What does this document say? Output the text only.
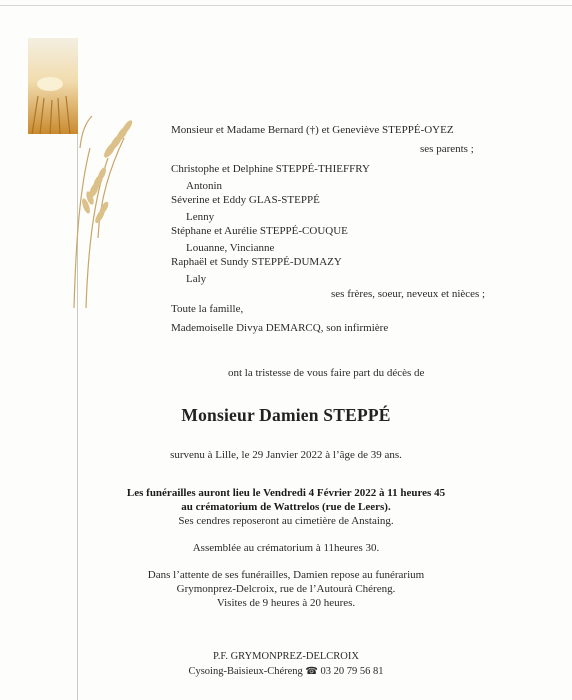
Monsieur et Madame Bernard (†) et Geneviève STEPPÉ-OYEZ
ses parents ;
Christophe et Delphine STEPPÉ-THIEFFRY
Antonin
Séverine et Eddy GLAS-STEPPÉ
Lenny
Stéphane et Aurélie STEPPÉ-COUQUE
Louanne, Vincianne
Raphaël et Sundy STEPPÉ-DUMAZY
Laly
ses frères, soeur, neveux et nièces ;
Toute la famille,
Mademoiselle Divya DEMARCQ, son infirmière
ont la tristesse de vous faire part du décès de
Monsieur Damien STEPPÉ
survenu à Lille, le 29 Janvier 2022 à l’âge de 39 ans.
Les funérailles auront lieu le Vendredi 4 Février 2022 à 11 heures 45
au crématorium de Wattrelos (rue de Leers).
Ses cendres reposeront au cimetière de Anstaing.
Assemblée au crématorium à 11heures 30.
Dans l’attente de ses funérailles, Damien repose au funérarium
Grymonprez-Delcroix, rue de l’Autourà Chéreng.
Visites de 9 heures à 20 heures.
P.F. GRYMONPREZ-DELCROIX
Cysoing-Baisieux-Chéreng ☎ 03 20 79 56 81
